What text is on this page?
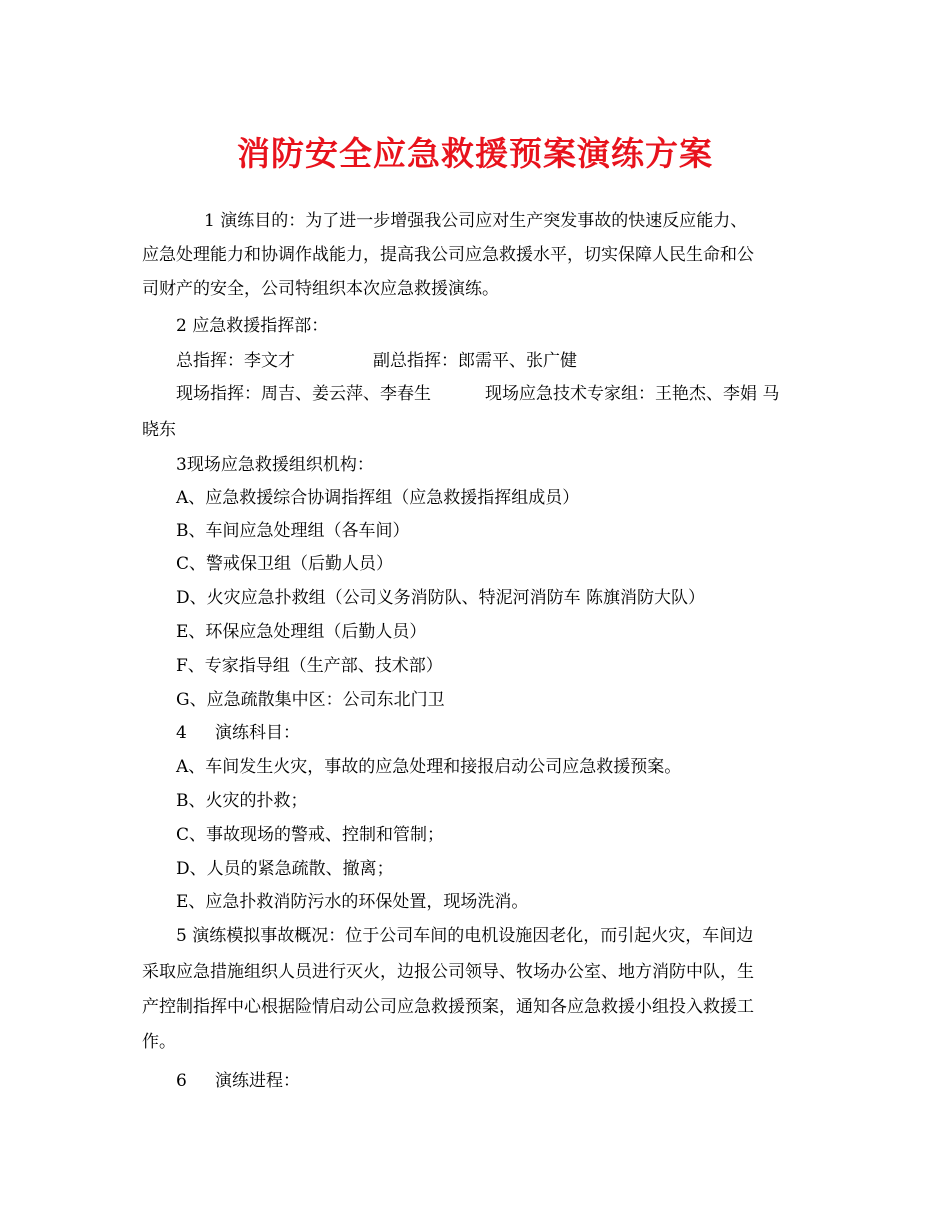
消防安全应急救援预案演练方案
1 演练目的：为了进一步增强我公司应对生产突发事故的快速反应能力、
应急处理能力和协调作战能力，提高我公司应急救援水平，切实保障人民生命和公
司财产的安全，公司特组织本次应急救援演练。
2 应急救援指挥部：
总指挥：李文才	副总指挥：郎需平、张广健
现场指挥：周吉、姜云萍、李春生	现场应急技术专家组：王艳杰、李娟 马
晓东
3现场应急救援组织机构：
A、应急救援综合协调指挥组（应急救援指挥组成员）
B、车间应急处理组（各车间）
C、警戒保卫组（后勤人员）
D、火灾应急扑救组（公司义务消防队、特泥河消防车 陈旗消防大队）
E、环保应急处理组（后勤人员）
F、专家指导组（生产部、技术部）
G、应急疏散集中区：公司东北门卫
4 演练科目：
A、车间发生火灾，事故的应急处理和接报启动公司应急救援预案。
B、火灾的扑救；
C、事故现场的警戒、控制和管制；
D、人员的紧急疏散、撤离；
E、应急扑救消防污水的环保处置，现场洗消。
5 演练模拟事故概况：位于公司车间的电机设施因老化，而引起火灾，车间边
采取应急措施组织人员进行灭火，边报公司领导、牧场办公室、地方消防中队，生
产控制指挥中心根据险情启动公司应急救援预案，通知各应急救援小组投入救援工
作。
6 演练进程：
